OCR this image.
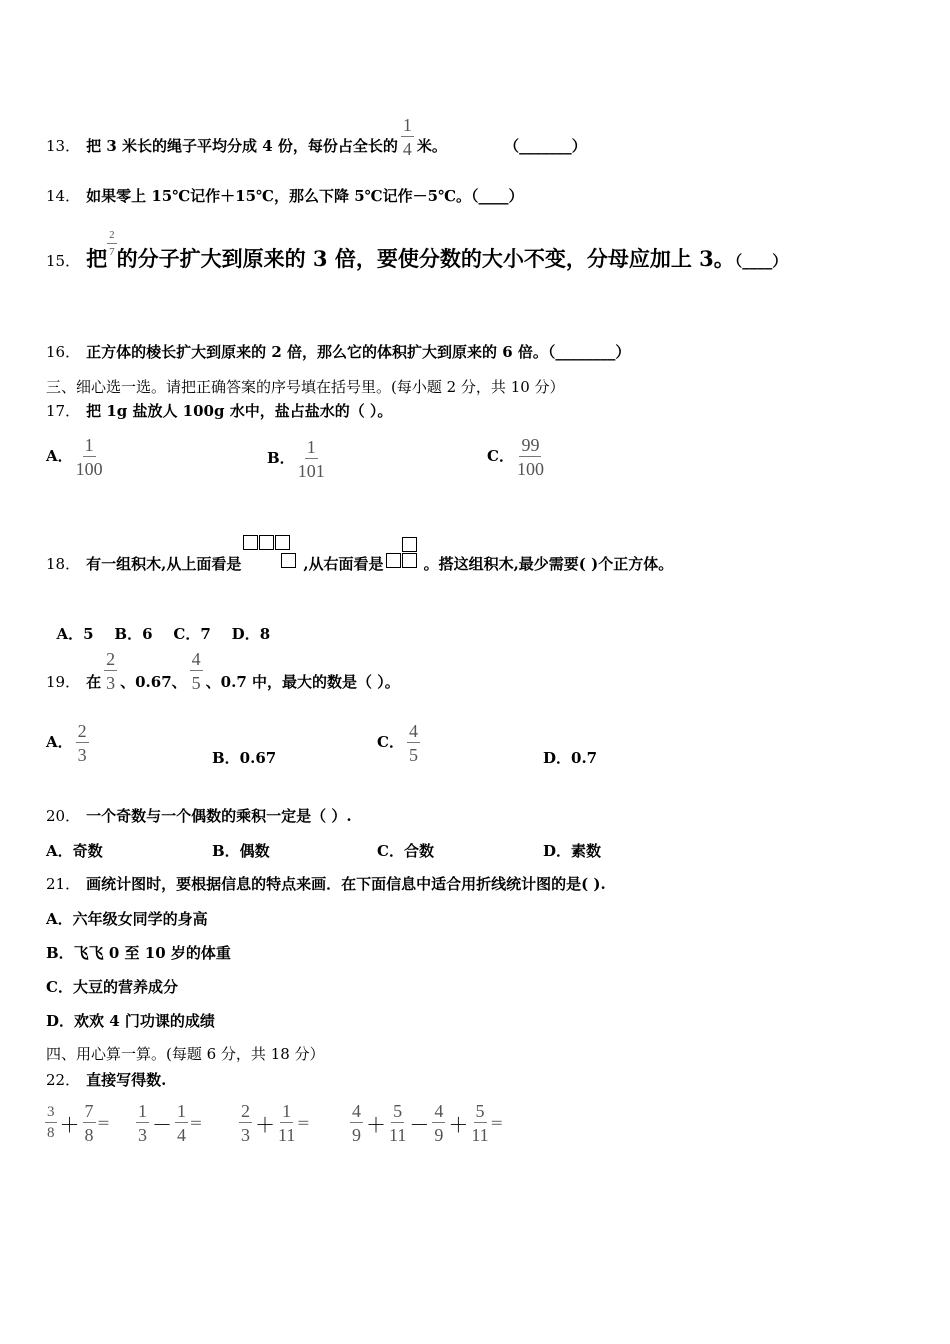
13． 把 3 米长的绳子平均分成 4 份，每份占全长的 $\frac{1}{4}$ 米。	（_______）
14． 如果零上 15℃记作＋15℃，那么下降 5℃记作－5℃。（____）
15． 把
$\frac{2}{7}$
的分子扩大到原来的 3 倍，要使分数的大小不变，分母应加上 3。（____）
16． 正方体的棱长扩大到原来的 2 倍，那么它的体积扩大到原来的 6 倍。（________）
三、细心选一选。请把正确答案的序号填在括号里。(每小题 2 分，共 10 分）
17． 把 1g 盐放人 100g 水中，盐占盐水的（ ）。
A． $\frac{1}{100}$	B． $\frac{1}{101}$	C． $\frac{99}{100}$
18． 有一组积木,从上面看是	,从右面看是	。搭这组积木,最少需要( )个正方体。

A．5    B．6    C．7    D．8

19． 在 $\frac{2}{3}$ 、0.67、 $\frac{4}{5}$ 、0.7 中，最大的数是（ ）。
A． $\frac{2}{3}$	B．0.67
C． $\frac{4}{5}$	D．0.7
20． 一个奇数与一个偶数的乘积一定是（ ）.
A．奇数	B．偶数	C．合数	D．素数
21． 画统计图时，要根据信息的特点来画．在下面信息中适合用折线统计图的是( ).
A．六年级女同学的身高
B．飞飞 0 至 10 岁的体重
C．大豆的营养成分
D．欢欢 4 门功课的成绩
四、用心算一算。(每题 6 分，共 18 分）
22． 直接写得数.
$\frac{3}{8} + \frac{7}{8} = \frac{1}{3} - \frac{1}{4} = \frac{2}{3} + \frac{1}{11} = \frac{4}{9} + \frac{5}{11} - \frac{4}{9} + \frac{5}{11}$ ＝
